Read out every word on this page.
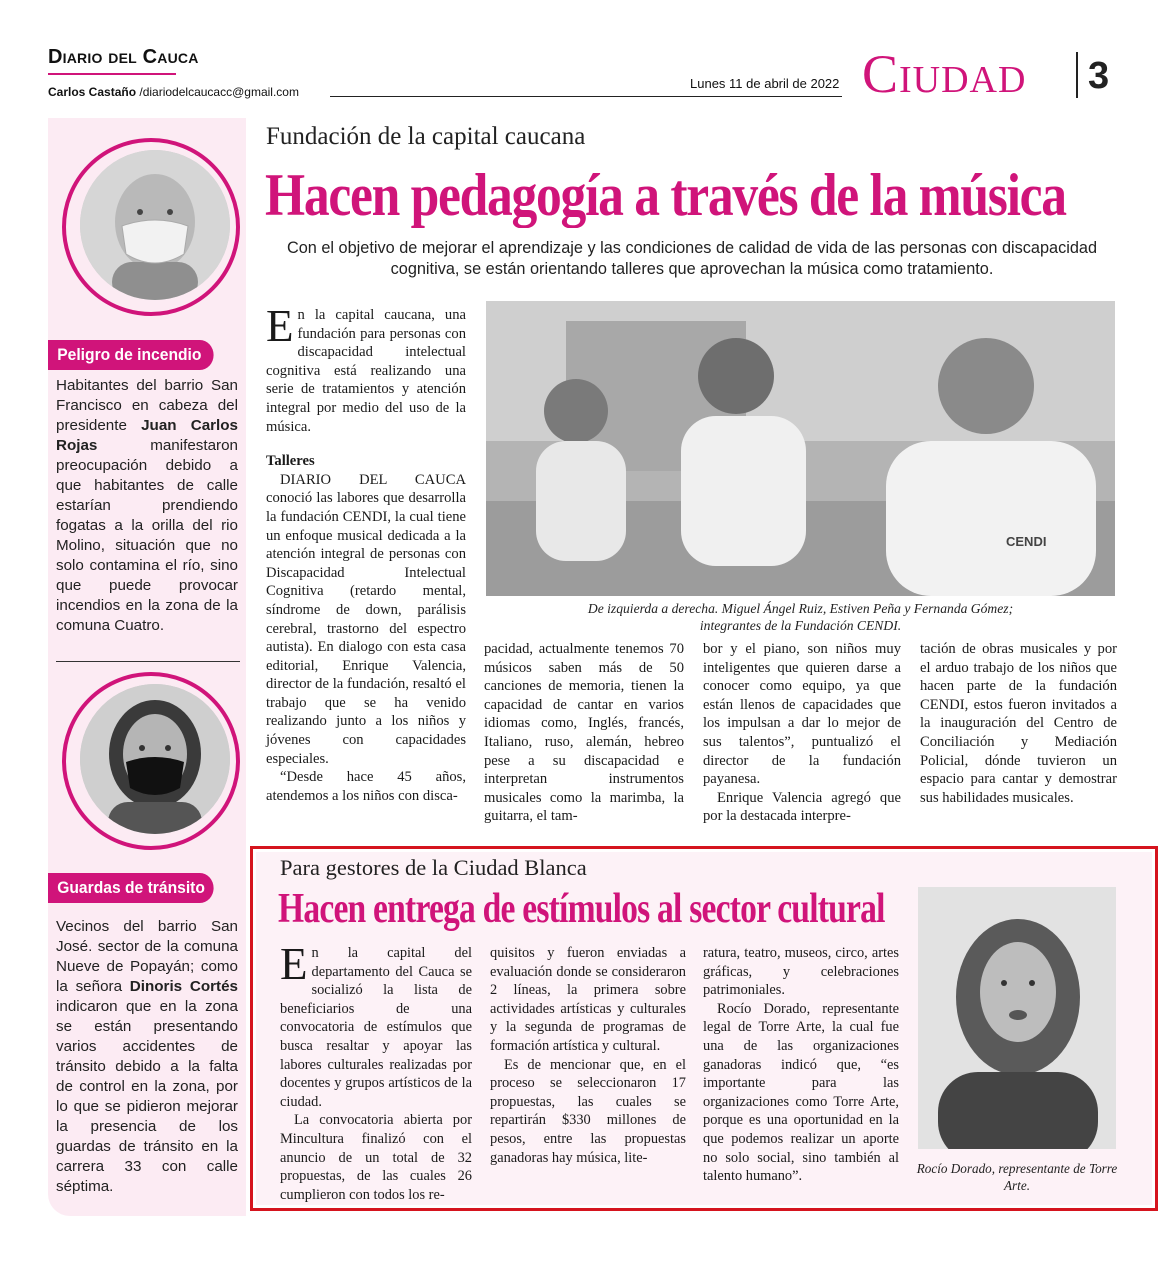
Diario del Cauca
Carlos Castaño /diariodelcaucacc@gmail.com
Lunes 11 de abril de 2022 Ciudad 3
Peligro de incendio
Habitantes del barrio San Francisco en cabeza del presidente Juan Carlos Rojas manifestaron preocupación debido a que habitantes de calle estarían prendiendo fogatas a la orilla del rio Molino, situación que no solo contamina el río, sino que puede provocar incendios en la zona de la comuna Cuatro.
Guardas de tránsito
Vecinos del barrio San José. sector de la comuna Nueve de Popayán; como la señora Dinoris Cortés indicaron que en la zona se están presentando varios accidentes de tránsito debido a la falta de control en la zona, por lo que se pidieron mejorar la presencia de los guardas de tránsito en la carrera 33 con calle séptima.
Fundación de la capital caucana
Hacen pedagogía a través de la música
Con el objetivo de mejorar el aprendizaje y las condiciones de calidad de vida de las personas con discapacidad cognitiva, se están orientando talleres que aprovechan la música como tratamiento.

En la capital caucana, una fundación para personas con discapacidad intelectual cognitiva está realizando una serie de tratamientos y atención integral por medio del uso de la música.

Talleres

DIARIO DEL CAUCA conoció las labores que desarrolla la fundación CENDI, la cual tiene un enfoque musical dedicada a la atención integral de personas con Discapacidad Intelectual Cognitiva (retardo mental, síndrome de down, parálisis cerebral, trastorno del espectro autista). En dialogo con esta casa editorial, Enrique Valencia, director de la fundación, resaltó el trabajo que se ha venido realizando junto a los niños y jóvenes con capacidades especiales.

“Desde hace 45 años, atendemos a los niños con disca-

CENDI
De izquierda a derecha. Miguel Ángel Ruiz, Estiven Peña y Fernanda Gómez;
integrantes de la Fundación CENDI.

pacidad, actualmente tenemos 70 músicos saben más de 50 canciones de memoria, tienen la capacidad de cantar en varios idiomas como, Inglés, francés, Italiano, ruso, alemán, hebreo pese a su discapacidad e interpretan instrumentos musicales como la marimba, la guitarra, el tam-

bor y el piano, son niños muy inteligentes que quieren darse a conocer como equipo, ya que están llenos de capacidades que los impulsan a dar lo mejor de sus talentos”, puntualizó el director de la fundación payanesa.

Enrique Valencia agregó que por la destacada interpre-

tación de obras musicales y por el arduo trabajo de los niños que hacen parte de la fundación CENDI, estos fueron invitados a la inauguración del Centro de Conciliación y Mediación Policial, dónde tuvieron un espacio para cantar y demostrar sus habilidades musicales.

Para gestores de la Ciudad Blanca
Hacen entrega de estímulos al sector cultural

En la capital del departamento del Cauca se socializó la lista de beneficiarios de una convocatoria de estímulos que busca resaltar y apoyar las labores culturales realizadas por docentes y grupos artísticos de la ciudad.

La convocatoria abierta por Mincultura finalizó con el anuncio de un total de 32 propuestas, de las cuales 26 cumplieron con todos los re-

quisitos y fueron enviadas a evaluación donde se consideraron 2 líneas, la primera sobre actividades artísticas y culturales y la segunda de programas de formación artística y cultural.

Es de mencionar que, en el proceso se seleccionaron 17 propuestas, las cuales se repartirán $330 millones de pesos, entre las propuestas ganadoras hay música, lite-

ratura, teatro, museos, circo, artes gráficas, y celebraciones patrimoniales.

Rocío Dorado, representante legal de Torre Arte, la cual fue una de las organizaciones ganadoras indicó que, “es importante para las organizaciones como Torre Arte, porque es una oportunidad en la que podemos realizar un aporte no solo social, sino también al talento humano”.	Rocío Dorado, representante de Torre Arte.
